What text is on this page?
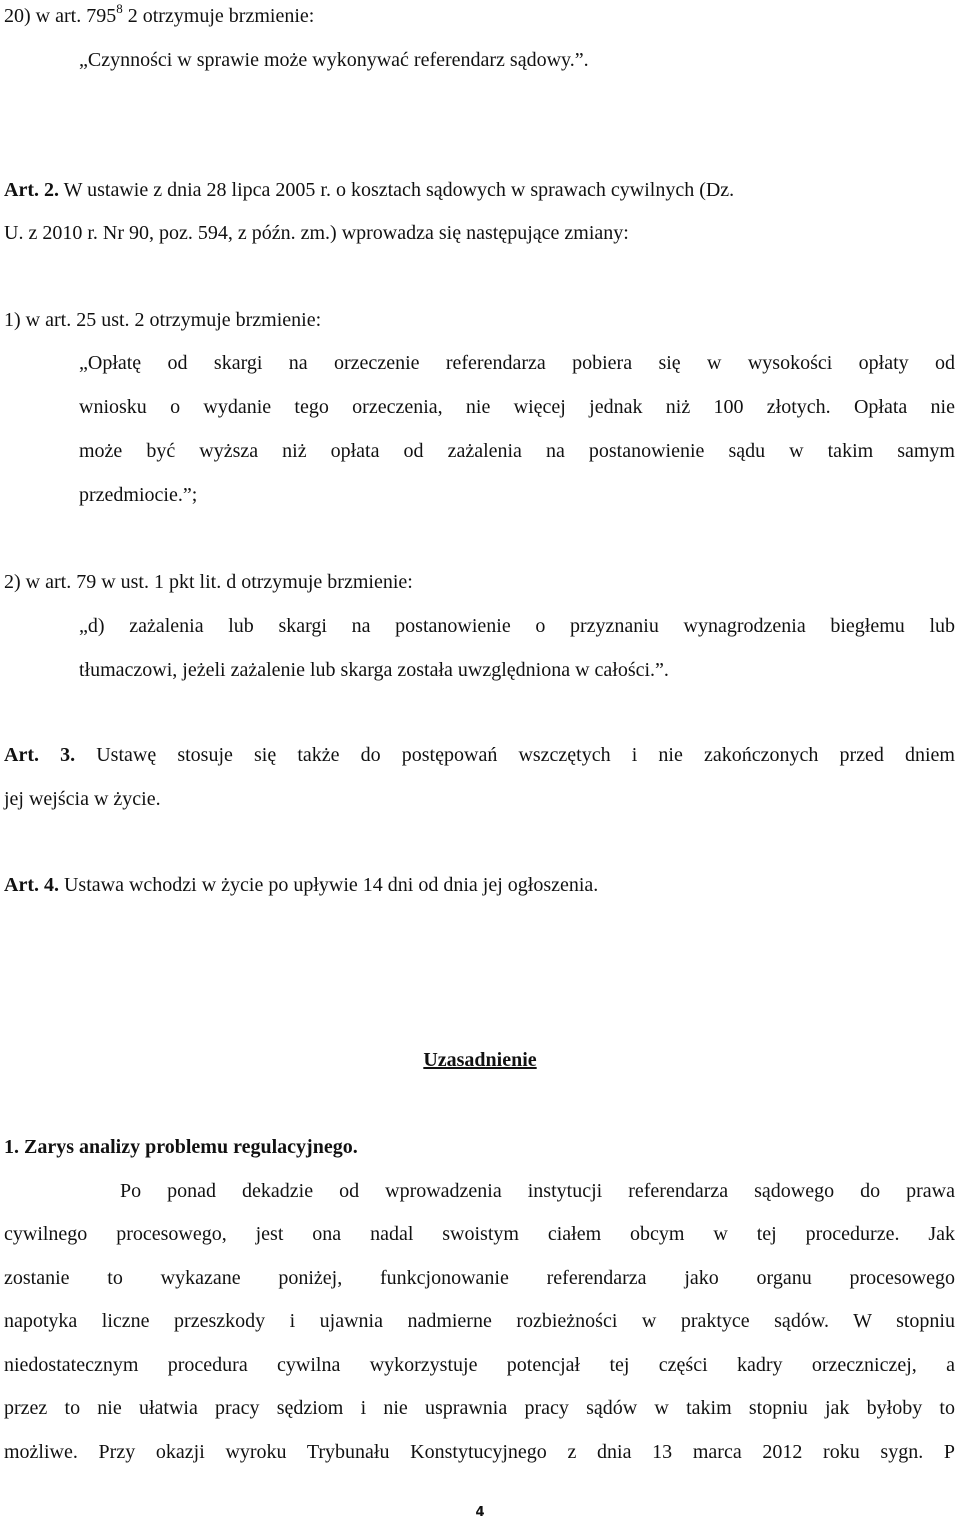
20) w art. $795^8$ 2 otrzymuje brzmienie:
„Czynności w sprawie może wykonywać referendarz sądowy.”.
Art. 2. W ustawie z dnia 28 lipca 2005 r. o kosztach sądowych w sprawach cywilnych (Dz.
U. z 2010 r. Nr 90, poz. 594, z późn. zm.) wprowadza się następujące zmiany:
1) w art. 25 ust. 2 otrzymuje brzmienie:
„Opłatę od skargi na orzeczenie referendarza pobiera się w wysokości opłaty od
wniosku o wydanie tego orzeczenia, nie więcej jednak niż 100 złotych. Opłata nie
może być wyższa niż opłata od zażalenia na postanowienie sądu w takim samym
przedmiocie.”;
2) w art. 79 w ust. 1 pkt lit. d otrzymuje brzmienie:
„d) zażalenia lub skargi na postanowienie o przyznaniu wynagrodzenia biegłemu lub
tłumaczowi, jeżeli zażalenie lub skarga została uwzględniona w całości.”.
Art. 3. Ustawę stosuje się także do postępowań wszczętych i nie zakończonych przed dniem
jej wejścia w życie.
Art. 4. Ustawa wchodzi w życie po upływie 14 dni od dnia jej ogłoszenia.
Uzasadnienie
1. Zarys analizy problemu regulacyjnego.
Po ponad dekadzie od wprowadzenia instytucji referendarza sądowego do prawa
cywilnego procesowego, jest ona nadal swoistym ciałem obcym w tej procedurze. Jak
zostanie to wykazane poniżej, funkcjonowanie referendarza jako organu procesowego
napotyka liczne przeszkody i ujawnia nadmierne rozbieżności w praktyce sądów. W stopniu
niedostatecznym procedura cywilna wykorzystuje potencjał tej części kadry orzeczniczej, a
przez to nie ułatwia pracy sędziom i nie usprawnia pracy sądów w takim stopniu jak byłoby to
możliwe. Przy okazji wyroku Trybunału Konstytucyjnego z dnia 13 marca 2012 roku sygn. P
4
